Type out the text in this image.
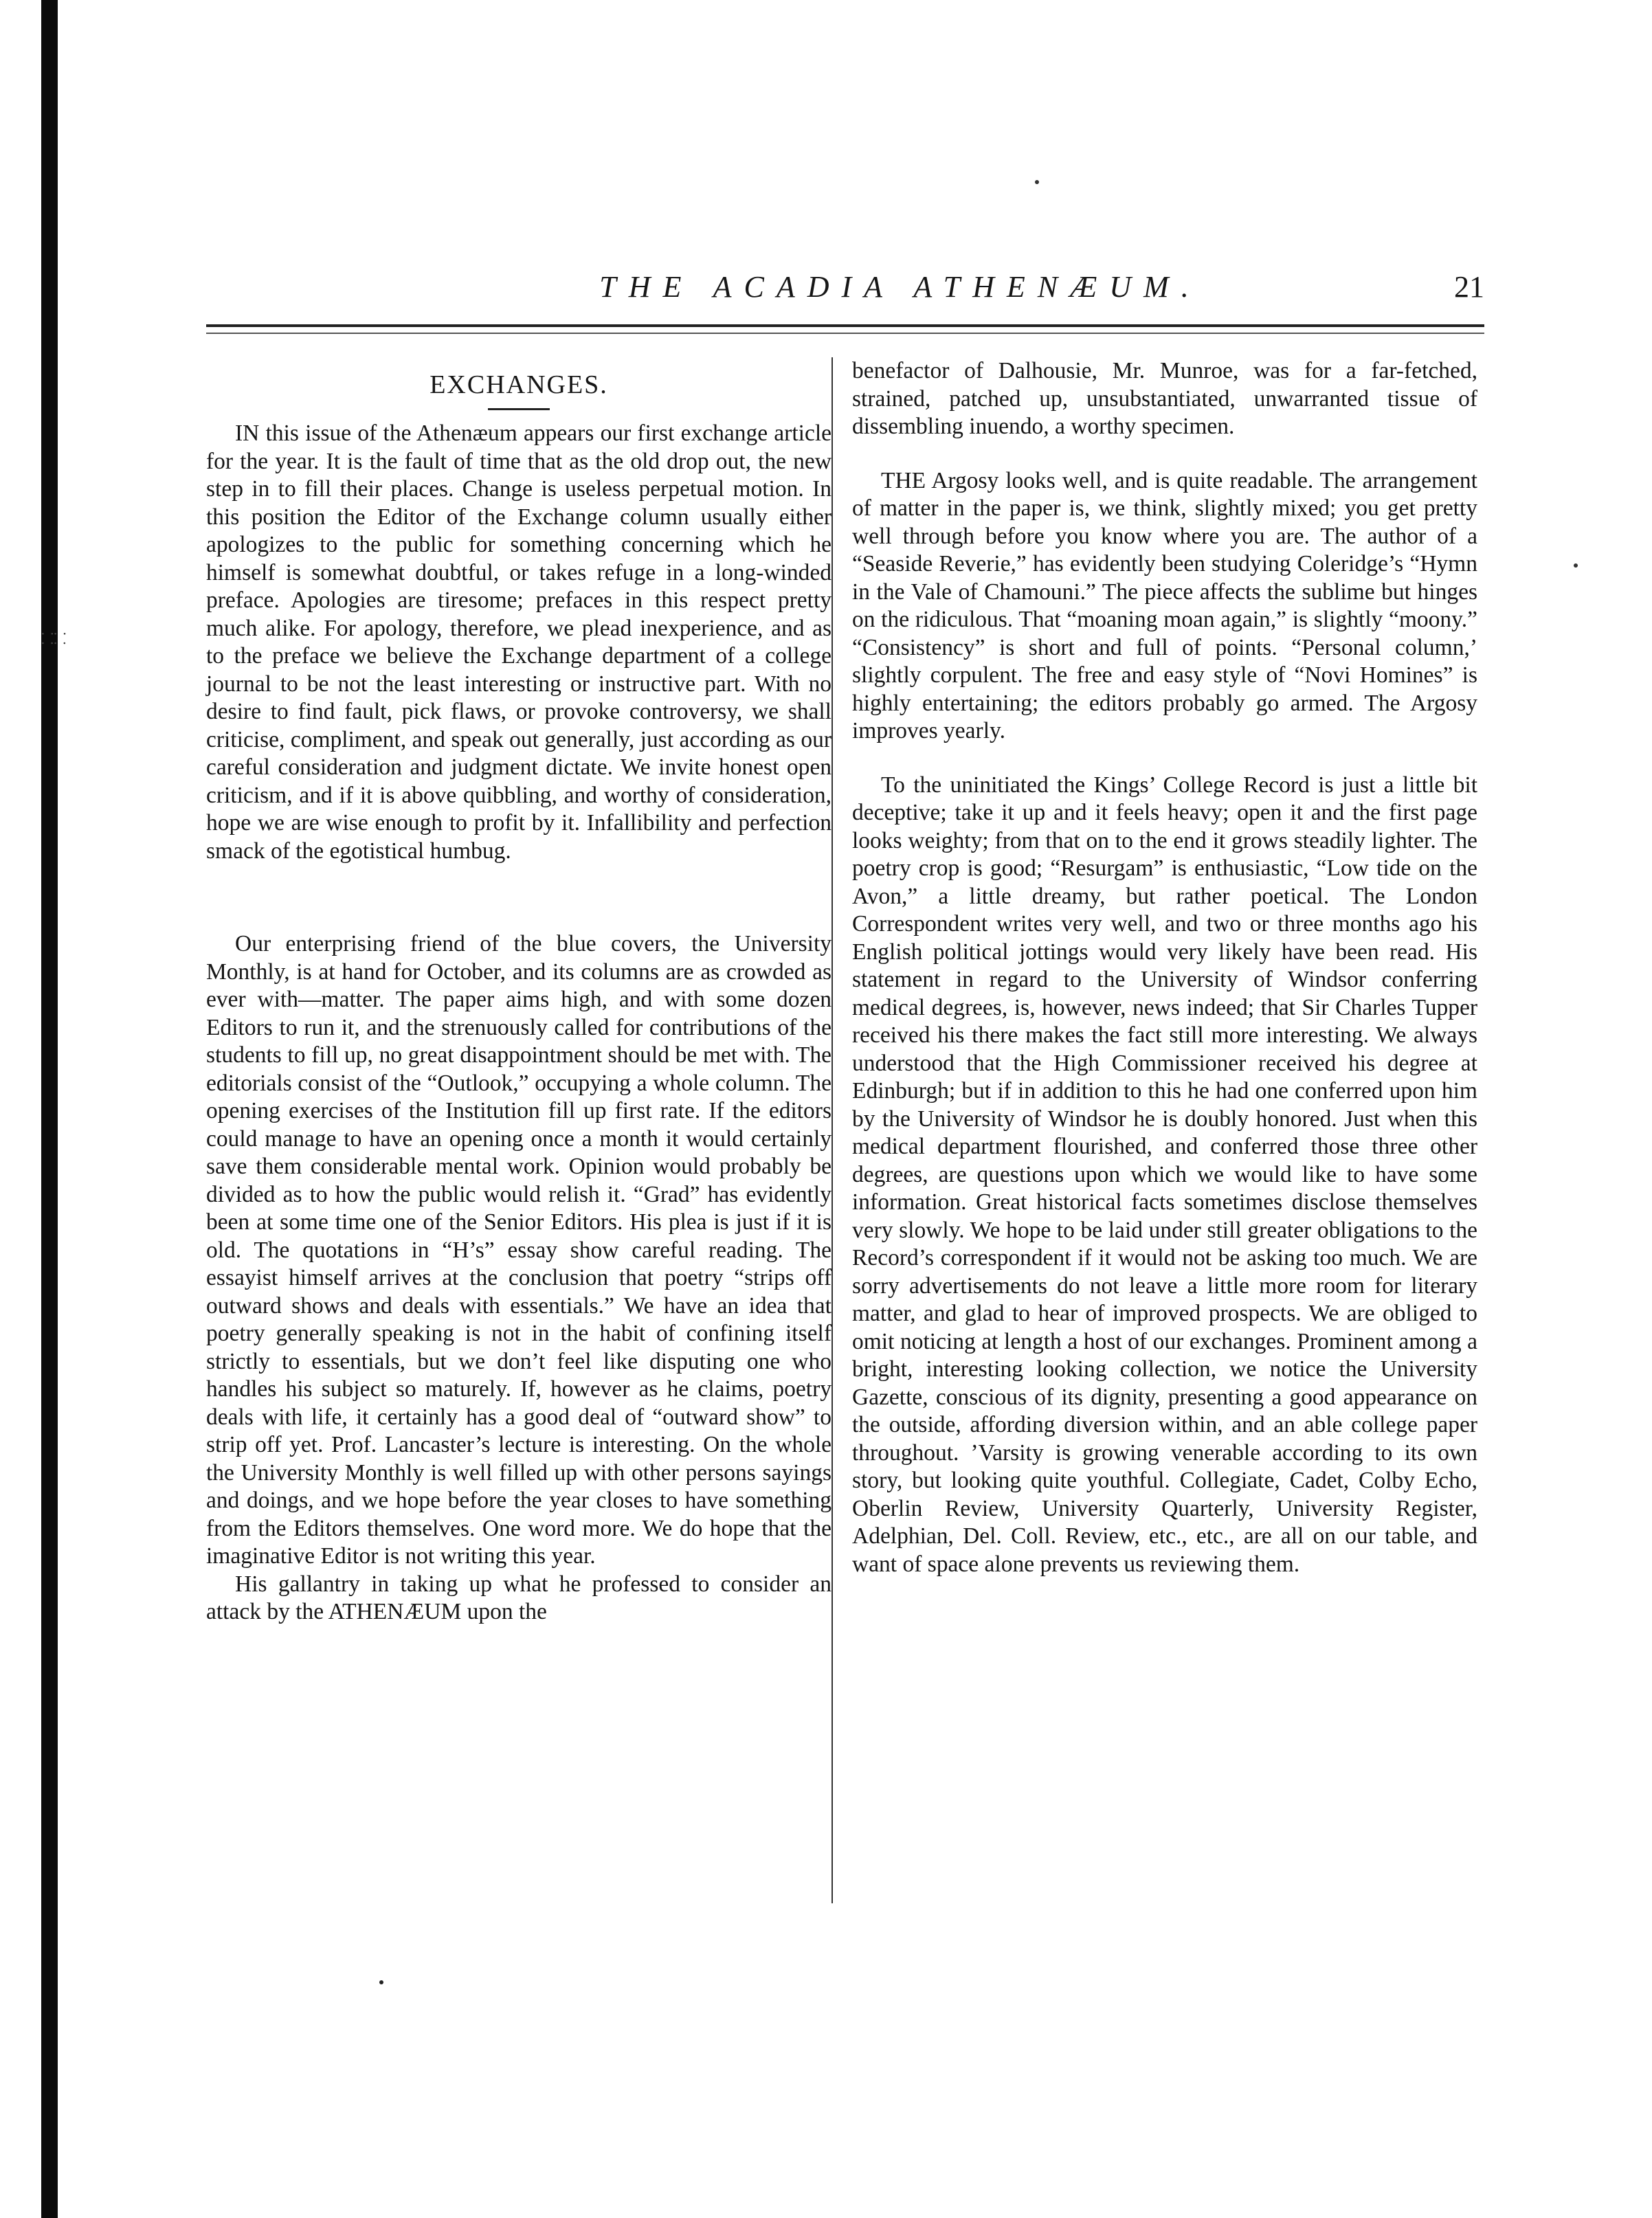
⸬⸬
THE ACADIA ATHENÆUM.	21
EXCHANGES.

IN this issue of the Athenæum appears our first exchange article for the year. It is the fault of time that as the old drop out, the new step in to fill their places. Change is useless perpetual motion. In this position the Editor of the Exchange column usually either apologizes to the public for something concerning which he himself is somewhat doubtful, or takes refuge in a long-winded preface. Apologies are tiresome; prefaces in this respect pretty much alike. For apology, therefore, we plead inexperience, and as to the preface we believe the Exchange department of a college journal to be not the least interesting or instructive part. With no desire to find fault, pick flaws, or provoke controversy, we shall criticise, compliment, and speak out generally, just according as our careful consideration and judgment dictate. We invite honest open criticism, and if it is above quibbling, and worthy of consideration, hope we are wise enough to profit by it. Infallibility and perfection smack of the egotistical humbug.

Our enterprising friend of the blue covers, the University Monthly, is at hand for October, and its columns are as crowded as ever with—matter. The paper aims high, and with some dozen Editors to run it, and the strenuously called for contributions of the students to fill up, no great disappointment should be met with. The editorials consist of the “Outlook,” occupying a whole column. The opening exercises of the Institution fill up first rate. If the editors could manage to have an opening once a month it would certainly save them considerable mental work. Opinion would probably be divided as to how the public would relish it. “Grad” has evidently been at some time one of the Senior Editors. His plea is just if it is old. The quotations in “H’s” essay show careful reading. The essayist himself arrives at the conclusion that poetry “strips off outward shows and deals with essentials.” We have an idea that poetry generally speaking is not in the habit of confining itself strictly to essentials, but we don’t feel like disputing one who handles his subject so maturely. If, however as he claims, poetry deals with life, it certainly has a good deal of “outward show” to strip off yet. Prof. Lancaster’s lecture is interesting. On the whole the University Monthly is well filled up with other persons sayings and doings, and we hope before the year closes to have something from the Editors themselves. One word more. We do hope that the imaginative Editor is not writing this year.

His gallantry in taking up what he professed to consider an attack by the ATHENÆUM upon the

benefactor of Dalhousie, Mr. Munroe, was for a far-fetched, strained, patched up, unsubstantiated, unwarranted tissue of dissembling inuendo, a worthy specimen.

THE Argosy looks well, and is quite readable. The arrangement of matter in the paper is, we think, slightly mixed; you get pretty well through before you know where you are. The author of a “Seaside Reverie,” has evidently been studying Coleridge’s “Hymn in the Vale of Chamouni.” The piece affects the sublime but hinges on the ridiculous. That “moaning moan again,” is slightly “moony.” “Consistency” is short and full of points. “Personal column,’ slightly corpulent. The free and easy style of “Novi Homines” is highly entertaining; the editors probably go armed. The Argosy improves yearly.

To the uninitiated the Kings’ College Record is just a little bit deceptive; take it up and it feels heavy; open it and the first page looks weighty; from that on to the end it grows steadily lighter. The poetry crop is good; “Resurgam” is enthusiastic, “Low tide on the Avon,” a little dreamy, but rather poetical. The London Correspondent writes very well, and two or three months ago his English political jottings would very likely have been read. His statement in regard to the University of Windsor conferring medical degrees, is, however, news indeed; that Sir Charles Tupper received his there makes the fact still more interesting. We always understood that the High Commissioner received his degree at Edinburgh; but if in addition to this he had one conferred upon him by the University of Windsor he is doubly honored. Just when this medical department flourished, and conferred those three other degrees, are questions upon which we would like to have some information. Great historical facts sometimes disclose themselves very slowly. We hope to be laid under still greater obligations to the Record’s correspondent if it would not be asking too much. We are sorry advertisements do not leave a little more room for literary matter, and glad to hear of improved prospects. We are obliged to omit noticing at length a host of our exchanges. Prominent among a bright, interesting looking collection, we notice the University Gazette, conscious of its dignity, presenting a good appearance on the outside, affording diversion within, and an able college paper throughout. ’Varsity is growing venerable according to its own story, but looking quite youthful. Collegiate, Cadet, Colby Echo, Oberlin Review, University Quarterly, University Register, Adelphian, Del. Coll. Review, etc., etc., are all on our table, and want of space alone prevents us reviewing them.
